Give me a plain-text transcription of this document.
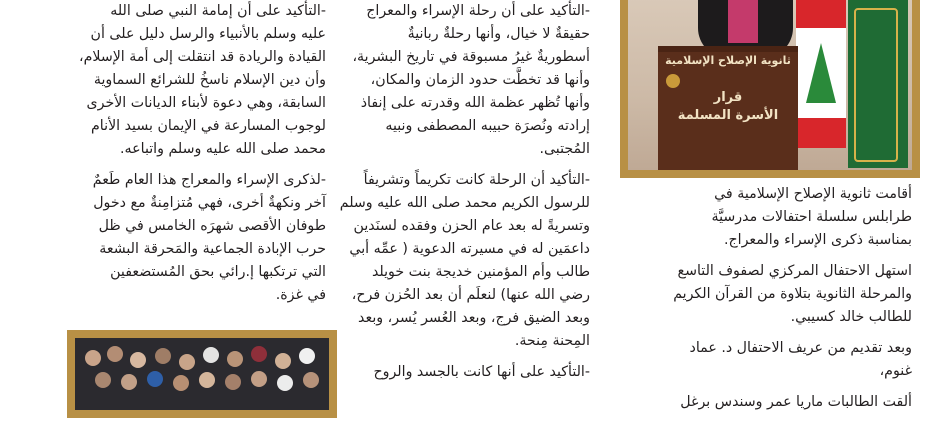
ثانوية الإصلاح الإسلامية
قرار
الأسرة المسلمة

أقامت ثانوية الإصلاح الإسلامية في
طرابلس سلسلة احتفالات مدرسيَّة
بمناسبة ذكرى الإسراء والمعراج.

استهل الاحتفال المركزي لصفوف التاسع
والمرحلة الثانوية بتلاوة من القرآن الكريم
للطالب خالد كسيبي.

وبعد تقديم من عريف الاحتفال د. عماد
غنوم،

ألقت الطالبات ماريا عمر وسندس برغل

-التأكيد على أن رحلة الإسراء والمعراج
حقيقةٌ لا خيال، وأنها رحلةٌ ربانيةٌ
أسطوريةٌ غيرُ مسبوقة في تاريخ البشرية،
وأنها قد تخطَّت حدود الزمان والمكان،
وأنها تُظهر عظمة الله وقدرته على إنفاذ
إرادته ونُصرَة حبيبه المصطفى ونبيه
المُجتبى.

-التأكيد أن الرحلة كانت تكريماً وتشريفاً
للرسول الكريم محمد صلى الله عليه وسلم
وتسريةً له بعد عام الحزن وفقده لسنَدين
داعمَين له في مسيرته الدعوية ( عمِّه أبي
طالب وأم المؤمنين خديجة بنت خويلد
رضي الله عنها) لنعلَم أن بعد الحُزن فرح،
وبعد الضيق فرج، وبعد العُسر يُسر، وبعد
المِحنة مِنحة.

-التأكيد على أنها كانت بالجسد والروح

-التأكيد على أن إمامة النبي صلى الله
عليه وسلم بالأنبياء والرسل دليل على أن
القيادة والريادة قد انتقلت إلى أمة الإسلام،
وأن دين الإسلام ناسخُ للشرائع السماوية
السابقة، وهي دعوة لأبناء الديانات الأخرى
لوجوب المسارعة في الإيمان بسيد الأنام
محمد صلى الله عليه وسلم واتباعه.

-لذكرى الإسراء والمعراج هذا العام طَعمٌ
آخر ونكهةٌ أخرى، فهي مُتزامِنةٌ مع دخول
طوفان الأقصى شهرَه الخامس في ظل
حرب الإبادة الجماعية والمَحرقة البشعة
التي ترتكبها إ.رائي بحق المُستضعفين
في غزة.
